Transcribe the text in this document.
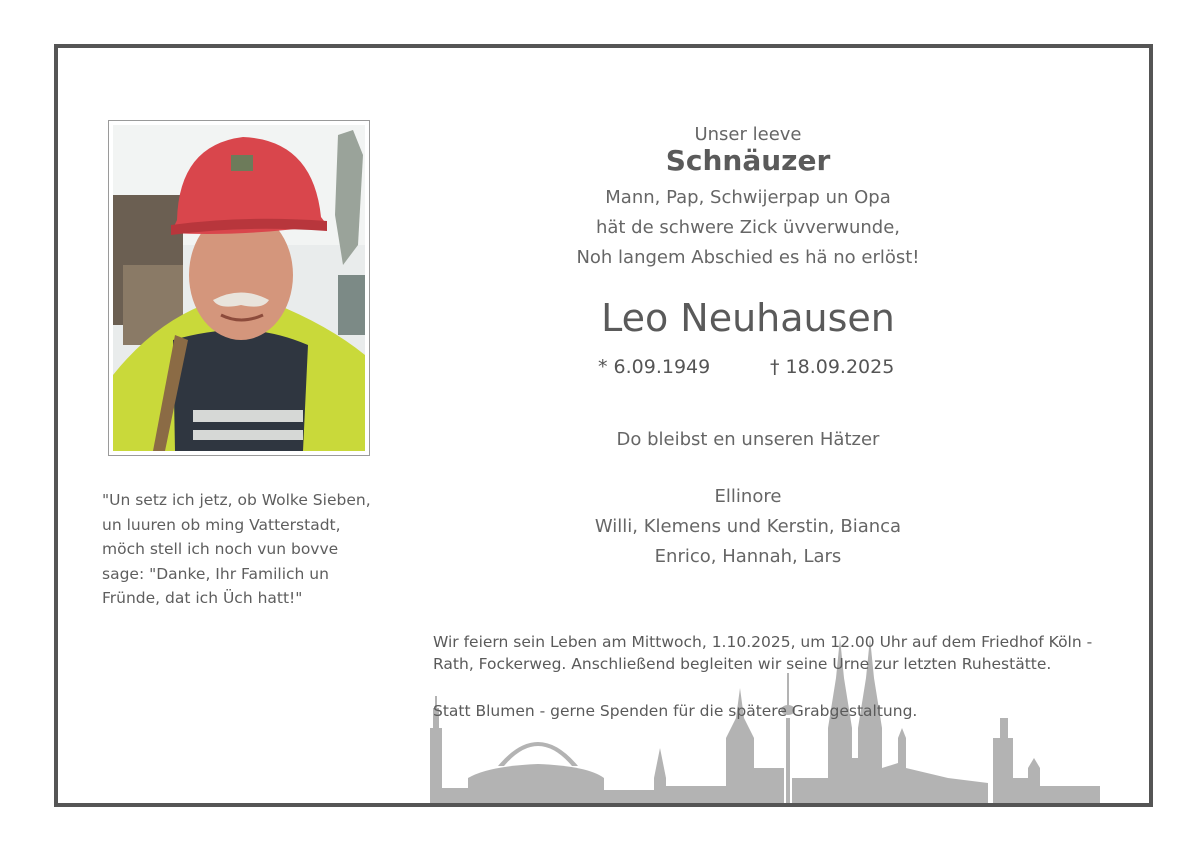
"Un setz ich jetz, ob Wolke Sieben, un luuren ob ming Vatterstadt, möch stell ich noch vun bovve sage: "Danke, Ihr Familich un Fründe, dat ich Üch hatt!"

Unser leeve

Schnäuzer

Mann, Pap, Schwijerpap un Opa
hät de schwere Zick üvverwunde,
Noh langem Abschied es hä no erlöst!

Leo Neuhausen

* 6.09.1949	† 18.09.2025

Do bleibst en unseren Hätzer

Ellinore
Willi, Klemens und Kerstin, Bianca
Enrico, Hannah, Lars

Wir feiern sein Leben am Mittwoch, 1.10.2025, um 12.00 Uhr auf dem Friedhof Köln - Rath, Fockerweg. Anschließend begleiten wir seine Urne zur letzten Ruhestätte.

Statt Blumen - gerne Spenden für die spätere Grabgestaltung.
